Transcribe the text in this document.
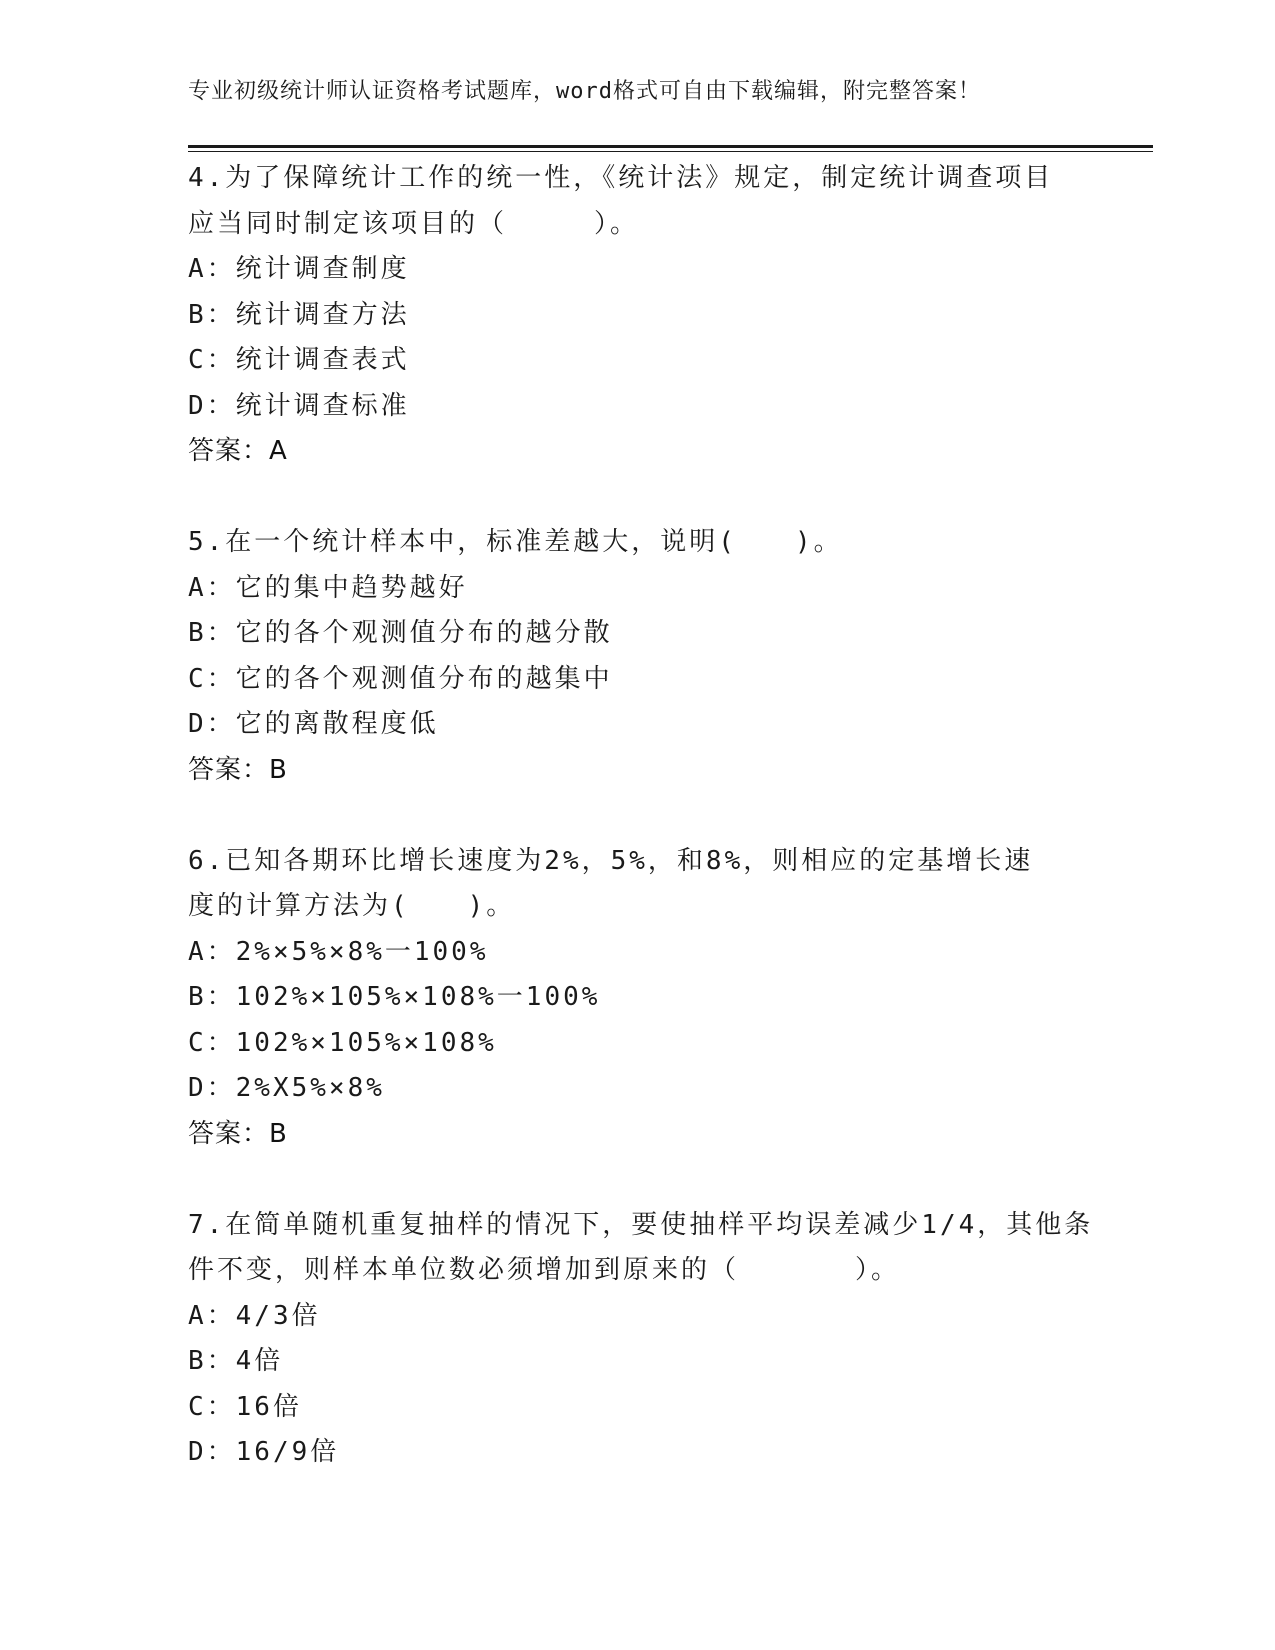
专业初级统计师认证资格考试题库，word格式可自由下载编辑，附完整答案！
4.为了保障统计工作的统一性，《统计法》规定，制定统计调查项目
应当同时制定该项目的（　　　）。
A：统计调查制度
B：统计调查方法
C：统计调查表式
D：统计调查标准
答案：A
5.在一个统计样本中，标准差越大，说明(　　)。
A：它的集中趋势越好
B：它的各个观测值分布的越分散
C：它的各个观测值分布的越集中
D：它的离散程度低
答案：B
6.已知各期环比增长速度为2%，5%，和8%，则相应的定基增长速
度的计算方法为(　　)。
A：2%×5%×8%一100%
B：102%×105%×108%一100%
C：102%×105%×108%
D：2%X5%×8%
答案：B
7.在简单随机重复抽样的情况下，要使抽样平均误差减少1/4，其他条
件不变，则样本单位数必须增加到原来的（　　　　）。
A：4/3倍
B：4倍
C：16倍
D：16/9倍
